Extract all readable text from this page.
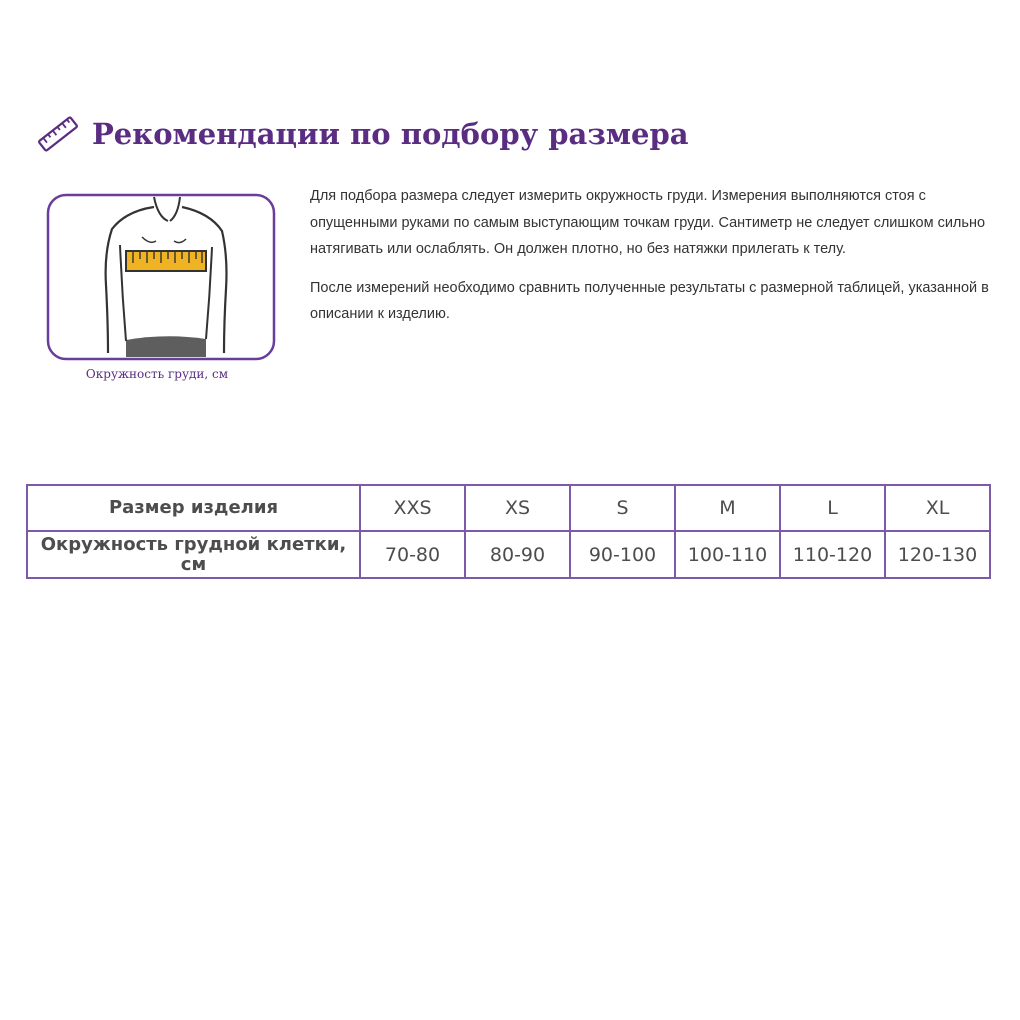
Рекомендации по подбору размера
Окружность груди, см

Для подбора размера следует измерить окружность груди. Измерения выполняются стоя с опущенными руками по самым выступающим точкам груди. Сантиметр не следует слишком сильно натягивать или ослаблять. Он должен плотно, но без натяжки прилегать к телу.

После измерений необходимо сравнить полученные результаты с размерной таблицей, указанной в описании к изделию.

Размер изделия	XXS	XS	S	M	L	XL
Окружность грудной клетки, см	70-80	80-90	90-100	100-110	110-120	120-130
